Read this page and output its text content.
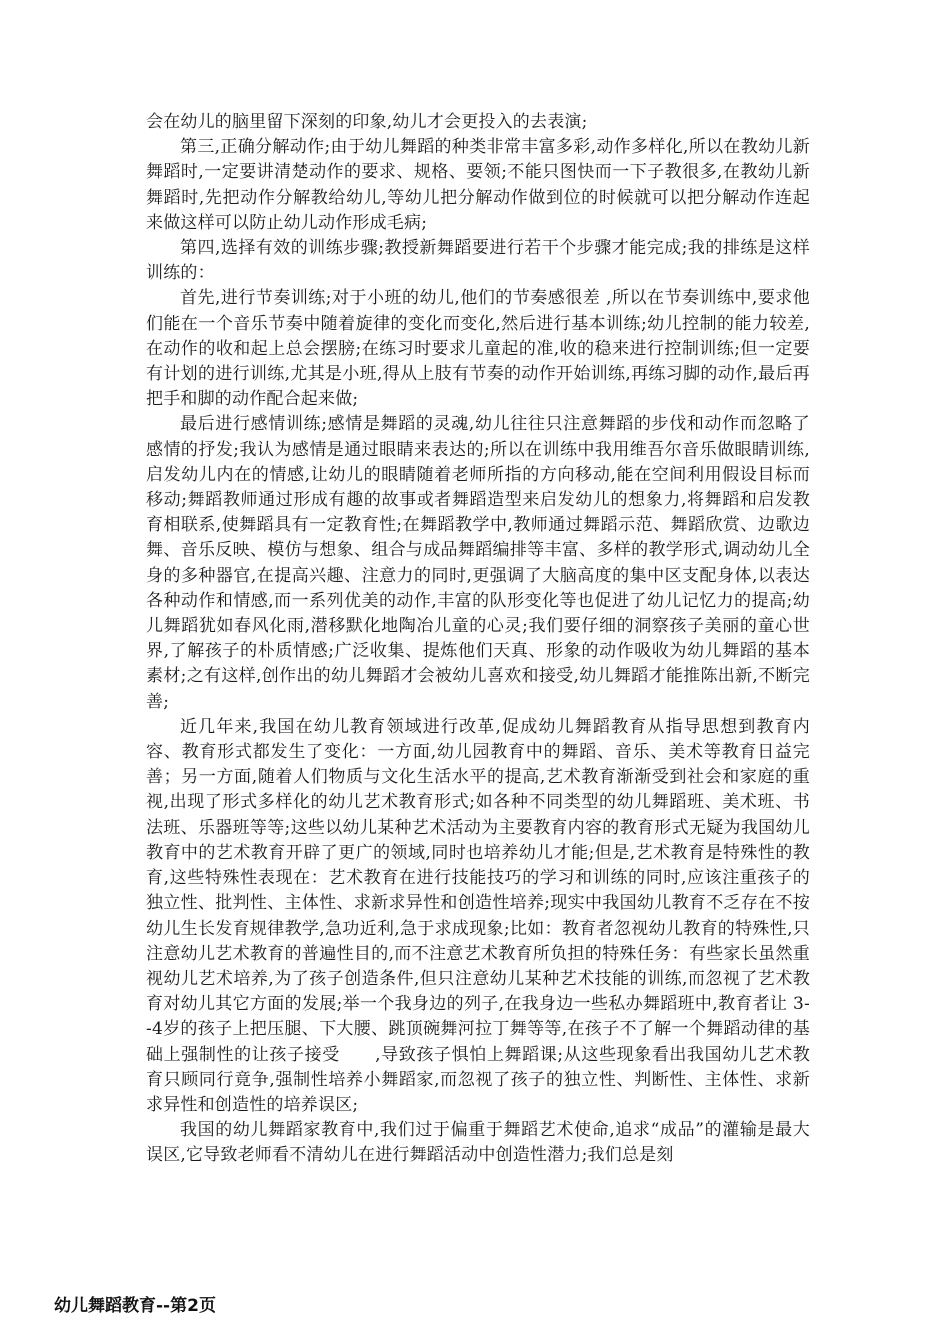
会在幼儿的脑里留下深刻的印象,幼儿才会更投入的去表演;

第三,正确分解动作;由于幼儿舞蹈的种类非常丰富多彩,动作多样化,所以在教幼儿新舞蹈时,一定要讲清楚动作的要求、规格、要领;不能只图快而一下子教很多,在教幼儿新舞蹈时,先把动作分解教给幼儿,等幼儿把分解动作做到位的时候就可以把分解动作连起来做这样可以防止幼儿动作形成毛病;

第四,选择有效的训练步骤;教授新舞蹈要进行若干个步骤才能完成;我的排练是这样训练的：

首先,进行节奏训练;对于小班的幼儿,他们的节奏感很差 ,所以在节奏训练中,要求他们能在一个音乐节奏中随着旋律的变化而变化,然后进行基本训练;幼儿控制的能力较差,在动作的收和起上总会摆膀;在练习时要求儿童起的准,收的稳来进行控制训练;但一定要有计划的进行训练,尤其是小班,得从上肢有节奏的动作开始训练,再练习脚的动作,最后再把手和脚的动作配合起来做;

最后进行感情训练;感情是舞蹈的灵魂,幼儿往往只注意舞蹈的步伐和动作而忽略了感情的抒发;我认为感情是通过眼睛来表达的;所以在训练中我用维吾尔音乐做眼睛训练,启发幼儿内在的情感,让幼儿的眼睛随着老师所指的方向移动,能在空间利用假设目标而移动;舞蹈教师通过形成有趣的故事或者舞蹈造型来启发幼儿的想象力,将舞蹈和启发教育相联系,使舞蹈具有一定教育性;在舞蹈教学中,教师通过舞蹈示范、舞蹈欣赏、边歌边舞、音乐反映、模仿与想象、组合与成品舞蹈编排等丰富、多样的教学形式,调动幼儿全身的多种器官,在提高兴趣、注意力的同时,更强调了大脑高度的集中区支配身体,以表达各种动作和情感,而一系列优美的动作,丰富的队形变化等也促进了幼儿记忆力的提高;幼儿舞蹈犹如春风化雨,潜移默化地陶冶儿童的心灵;我们要仔细的洞察孩子美丽的童心世界,了解孩子的朴质情感;广泛收集、提炼他们天真、形象的动作吸收为幼儿舞蹈的基本素材;之有这样,创作出的幼儿舞蹈才会被幼儿喜欢和接受,幼儿舞蹈才能推陈出新,不断完善;

近几年来,我国在幼儿教育领域进行改革,促成幼儿舞蹈教育从指导思想到教育内容、教育形式都发生了变化：一方面,幼儿园教育中的舞蹈、音乐、美术等教育日益完善；另一方面,随着人们物质与文化生活水平的提高,艺术教育渐渐受到社会和家庭的重视,出现了形式多样化的幼儿艺术教育形式;如各种不同类型的幼儿舞蹈班、美术班、书法班、乐器班等等;这些以幼儿某种艺术活动为主要教育内容的教育形式无疑为我国幼儿教育中的艺术教育开辟了更广的领域,同时也培养幼儿才能;但是,艺术教育是特殊性的教育,这些特殊性表现在：艺术教育在进行技能技巧的学习和训练的同时,应该注重孩子的独立性、批判性、主体性、求新求异性和创造性培养;现实中我国幼儿教育不乏存在不按幼儿生长发育规律教学,急功近利,急于求成现象;比如：教育者忽视幼儿教育的特殊性,只注意幼儿艺术教育的普遍性目的,而不注意艺术教育所负担的特殊任务：有些家长虽然重视幼儿艺术培养,为了孩子创造条件,但只注意幼儿某种艺术技能的训练,而忽视了艺术教育对幼儿其它方面的发展;举一个我身边的列子,在我身边一些私办舞蹈班中,教育者让 3--4岁的孩子上把压腿、下大腰、跳顶碗舞河拉丁舞等等,在孩子不了解一个舞蹈动律的基础上强制性的让孩子接受　　,导致孩子惧怕上舞蹈课;从这些现象看出我国幼儿艺术教育只顾同行竟争,强制性培养小舞蹈家,而忽视了孩子的独立性、判断性、主体性、求新求异性和创造性的培养误区;

我国的幼儿舞蹈家教育中,我们过于偏重于舞蹈艺术使命,追求“成品”的灌输是最大误区,它导致老师看不清幼儿在进行舞蹈活动中创造性潜力;我们总是刻

幼儿舞蹈教育--第2页
